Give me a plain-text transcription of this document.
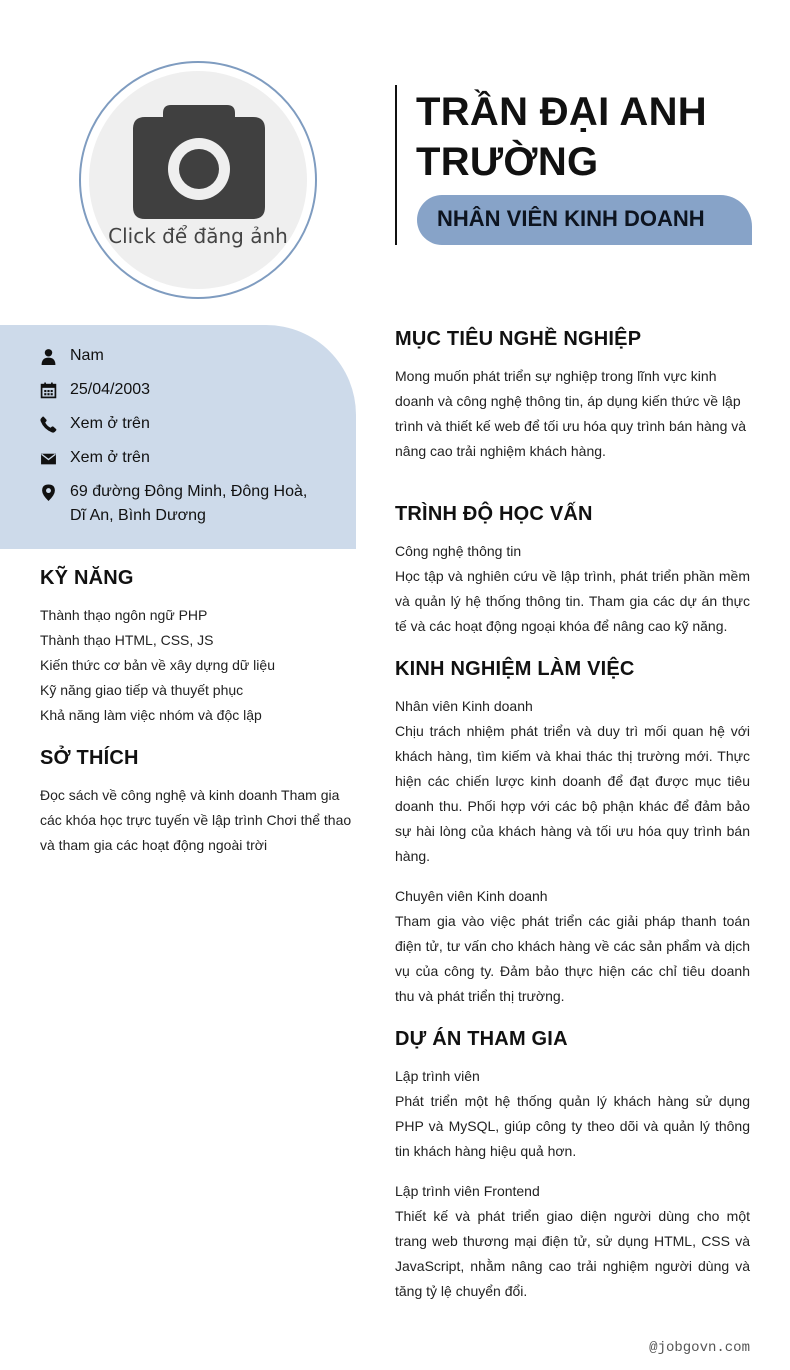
Click để đăng ảnh
TRẦN ĐẠI ANH
TRƯỜNG
NHÂN VIÊN KINH DOANH
Nam
25/04/2003
Xem ở trên
Xem ở trên
69 đường Đông Minh, Đông Hoà, Dĩ An, Bình Dương
KỸ NĂNG
Thành thạo ngôn ngữ PHP
Thành thạo HTML, CSS, JS
Kiến thức cơ bản về xây dựng dữ liệu
Kỹ năng giao tiếp và thuyết phục
Khả năng làm việc nhóm và độc lập
SỞ THÍCH
Đọc sách về công nghệ và kinh doanh Tham gia các khóa học trực tuyến về lập trình Chơi thể thao và tham gia các hoạt động ngoài trời
MỤC TIÊU NGHỀ NGHIỆP
Mong muốn phát triển sự nghiệp trong lĩnh vực kinh doanh và công nghệ thông tin, áp dụng kiến thức về lập trình và thiết kế web để tối ưu hóa quy trình bán hàng và nâng cao trải nghiệm khách hàng.
TRÌNH ĐỘ HỌC VẤN
Công nghệ thông tin
Học tập và nghiên cứu về lập trình, phát triển phần mềm và quản lý hệ thống thông tin. Tham gia các dự án thực tế và các hoạt động ngoại khóa để nâng cao kỹ năng.
KINH NGHIỆM LÀM VIỆC
Nhân viên Kinh doanh
Chịu trách nhiệm phát triển và duy trì mối quan hệ với khách hàng, tìm kiếm và khai thác thị trường mới. Thực hiện các chiến lược kinh doanh để đạt được mục tiêu doanh thu. Phối hợp với các bộ phận khác để đảm bảo sự hài lòng của khách hàng và tối ưu hóa quy trình bán hàng.
Chuyên viên Kinh doanh
Tham gia vào việc phát triển các giải pháp thanh toán điện tử, tư vấn cho khách hàng về các sản phẩm và dịch vụ của công ty. Đảm bảo thực hiện các chỉ tiêu doanh thu và phát triển thị trường.
DỰ ÁN THAM GIA
Lập trình viên
Phát triển một hệ thống quản lý khách hàng sử dụng PHP và MySQL, giúp công ty theo dõi và quản lý thông tin khách hàng hiệu quả hơn.
Lập trình viên Frontend
Thiết kế và phát triển giao diện người dùng cho một trang web thương mại điện tử, sử dụng HTML, CSS và JavaScript, nhằm nâng cao trải nghiệm người dùng và tăng tỷ lệ chuyển đổi.
@jobgovn.com
